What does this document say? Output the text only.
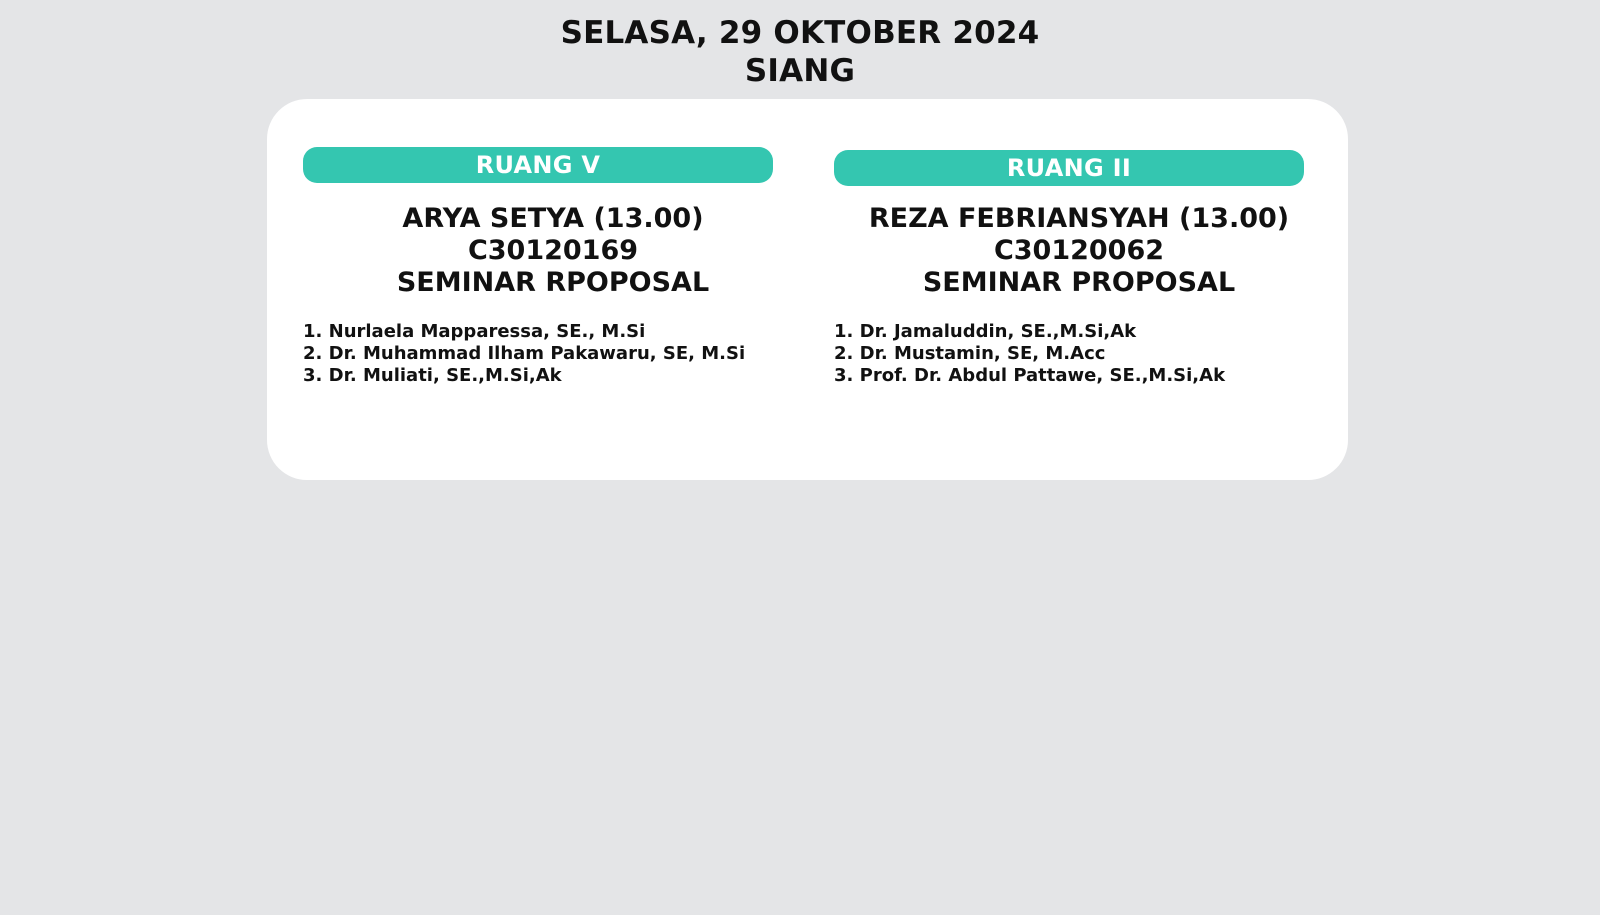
SELASA, 29 OKTOBER 2024
SIANG
RUANG V
ARYA SETYA (13.00)
C30120169
SEMINAR RPOPOSAL
1. Nurlaela Mapparessa, SE., M.Si
2. Dr. Muhammad Ilham Pakawaru, SE, M.Si
3. Dr. Muliati, SE.,M.Si,Ak
RUANG II
REZA FEBRIANSYAH (13.00)
C30120062
SEMINAR PROPOSAL
1. Dr. Jamaluddin, SE.,M.Si,Ak
2. Dr. Mustamin, SE, M.Acc
3. Prof. Dr. Abdul Pattawe, SE.,M.Si,Ak
